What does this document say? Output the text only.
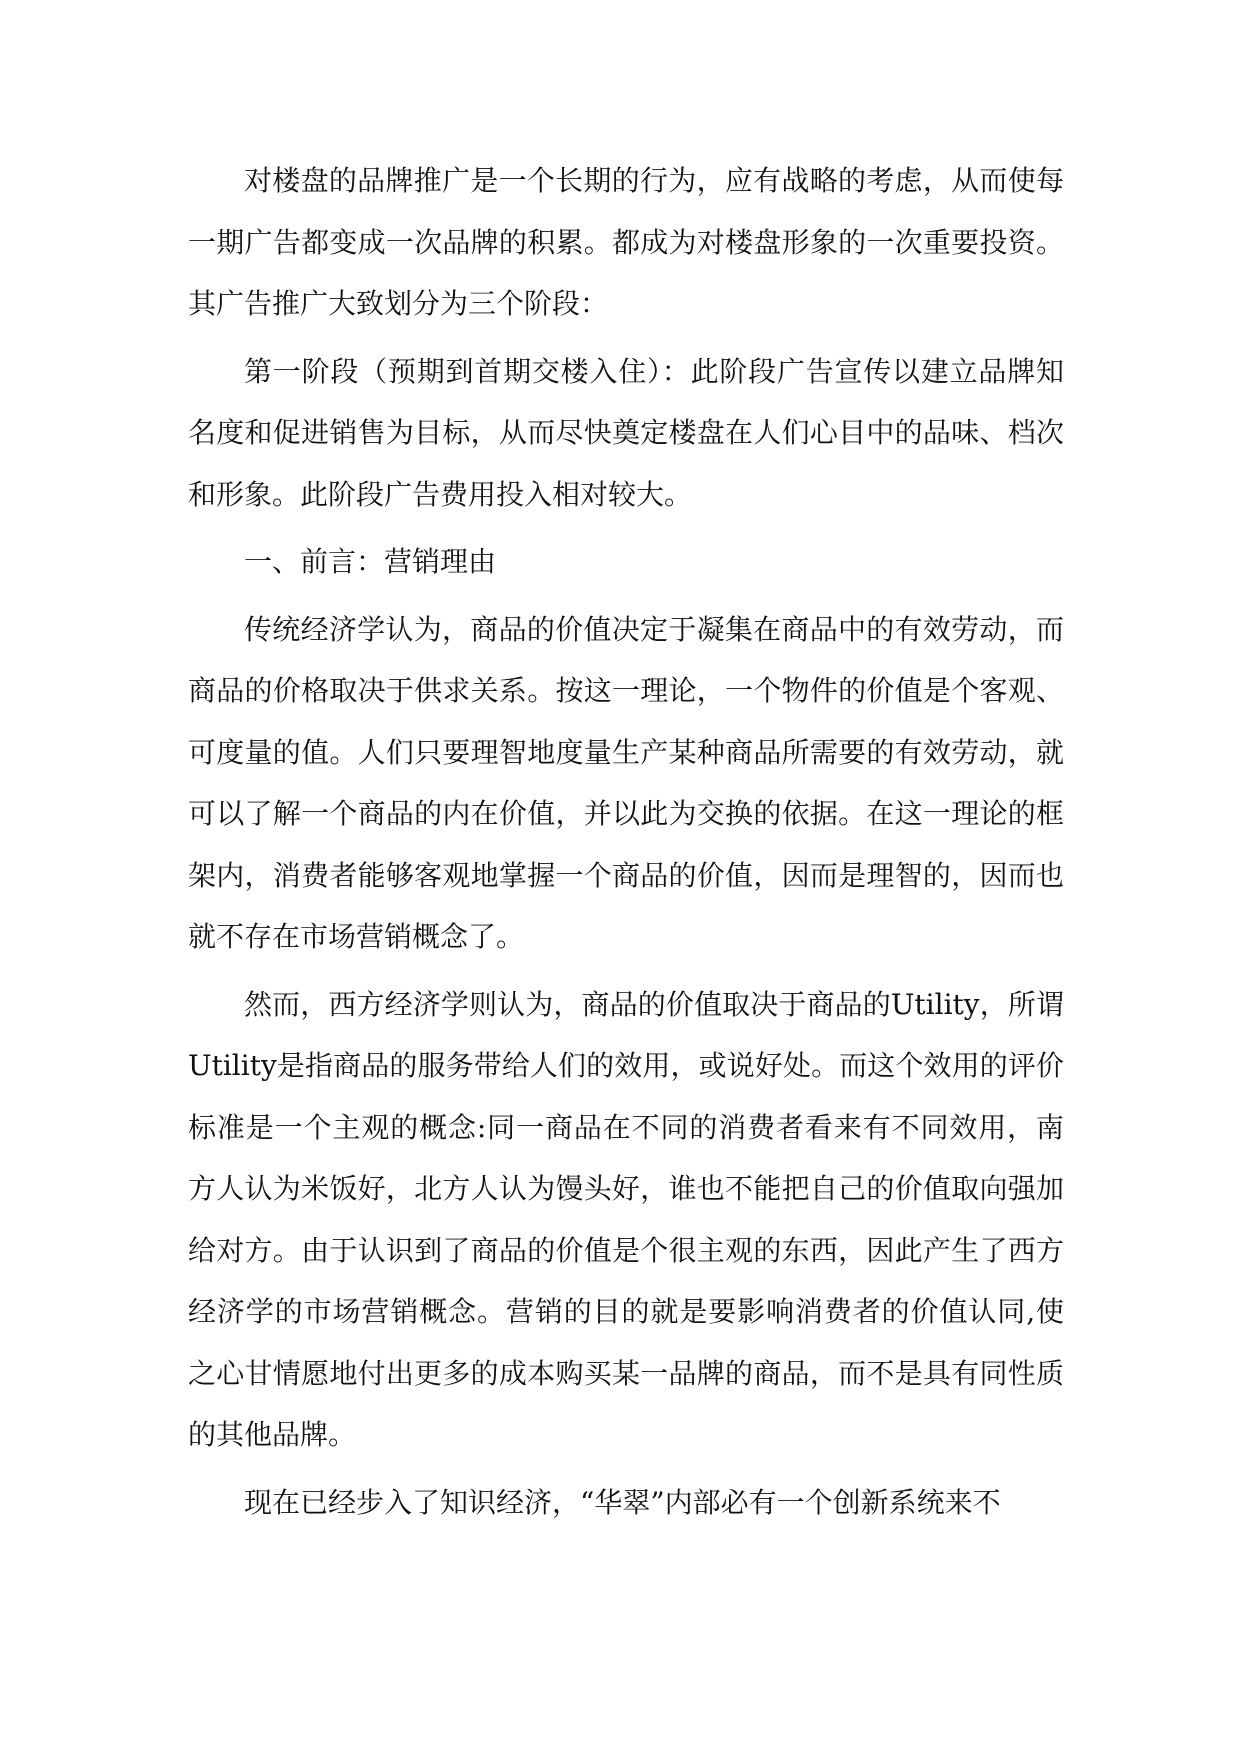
对楼盘的品牌推广是一个长期的行为，应有战略的考虑，从而使每一期广告都变成一次品牌的积累。都成为对楼盘形象的一次重要投资。其广告推广大致划分为三个阶段：

第一阶段（预期到首期交楼入住）：此阶段广告宣传以建立品牌知名度和促进销售为目标，从而尽快奠定楼盘在人们心目中的品味、档次和形象。此阶段广告费用投入相对较大。

一、前言：营销理由

传统经济学认为，商品的价值决定于凝集在商品中的有效劳动，而商品的价格取决于供求关系。按这一理论，一个物件的价值是个客观、可度量的值。人们只要理智地度量生产某种商品所需要的有效劳动，就可以了解一个商品的内在价值，并以此为交换的依据。在这一理论的框架内，消费者能够客观地掌握一个商品的价值，因而是理智的，因而也就不存在市场营销概念了。

然而，西方经济学则认为，商品的价值取决于商品的Utility，所谓Utility是指商品的服务带给人们的效用，或说好处。而这个效用的评价标准是一个主观的概念:同一商品在不同的消费者看来有不同效用，南方人认为米饭好，北方人认为馒头好，谁也不能把自己的价值取向强加给对方。由于认识到了商品的价值是个很主观的东西，因此产生了西方经济学的市场营销概念。营销的目的就是要影响消费者的价值认同,使之心甘情愿地付出更多的成本购买某一品牌的商品，而不是具有同性质的其他品牌。

现在已经步入了知识经济，“华翠”内部必有一个创新系统来不
